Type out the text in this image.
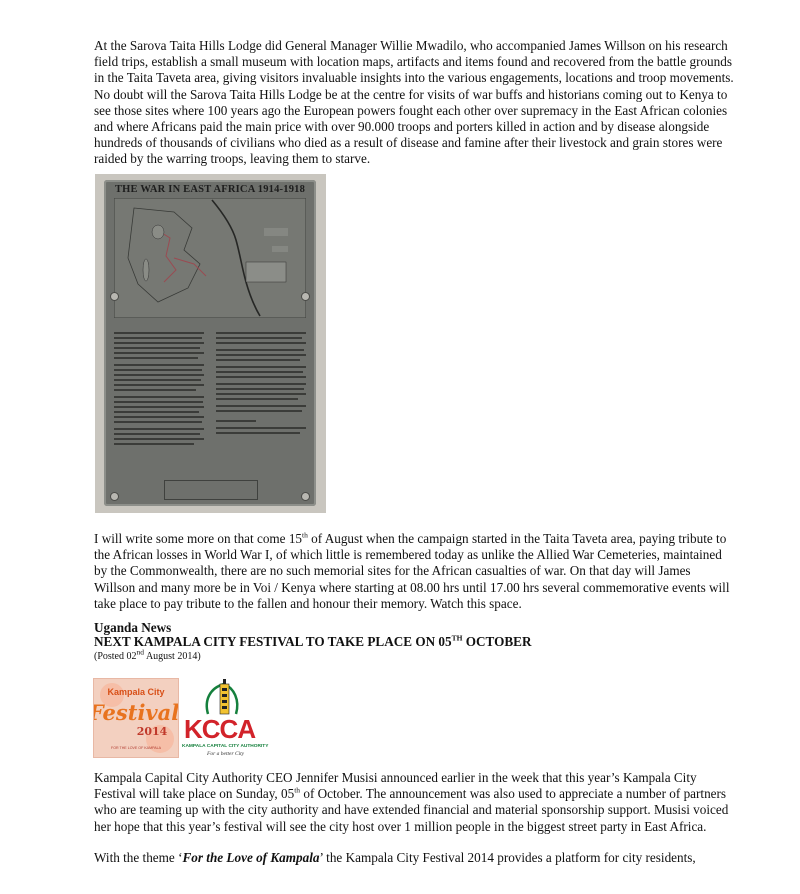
At the Sarova Taita Hills Lodge did General Manager Willie Mwadilo, who accompanied James Willson on his research field trips, establish a small museum with location maps, artifacts and items found and recovered from the battle grounds in the Taita Taveta area, giving visitors invaluable insights into the various engagements, locations and troop movements. No doubt will the Sarova Taita Hills Lodge be at the centre for visits of war buffs and historians coming out to Kenya to see those sites where 100 years ago the European powers fought each other over supremacy in the East African colonies and where Africans paid the main price with over 90.000 troops and porters killed in action and by disease alongside hundreds of thousands of civilians who died as a result of disease and famine after their livestock and grain stores were raided by the warring troops, leaving them to starve.

THE WAR IN EAST AFRICA 1914-1918

I will write some more on that come 15th of August when the campaign started in the Taita Taveta area, paying tribute to the African losses in World War I, of which little is remembered today as unlike the Allied War Cemeteries, maintained by the Commonwealth, there are no such memorial sites for the African casualties of war. On that day will James Willson and many more be in Voi / Kenya where starting at 08.00 hrs until 17.00 hrs several commemorative events will take place to pay tribute to the fallen and honour their memory. Watch this space.

Uganda News

NEXT KAMPALA CITY FESTIVAL TO TAKE PLACE ON 05TH OCTOBER

(Posted 02nd August 2014)

Kampala City
Festival
2014
FOR THE LOVE OF KAMPALA
KCCA
KAMPALA CAPITAL CITY AUTHORITY
For a better City

Kampala Capital City Authority CEO Jennifer Musisi announced earlier in the week that this year’s Kampala City Festival will take place on Sunday, 05th of October. The announcement was also used to appreciate a number of partners who are teaming up with the city authority and have extended financial and material sponsorship support. Musisi voiced her hope that this year’s festival will see the city host over 1 million people in the biggest street party in East Africa.

With the theme ‘For the Love of Kampala’ the Kampala City Festival 2014 provides a platform for city residents,
